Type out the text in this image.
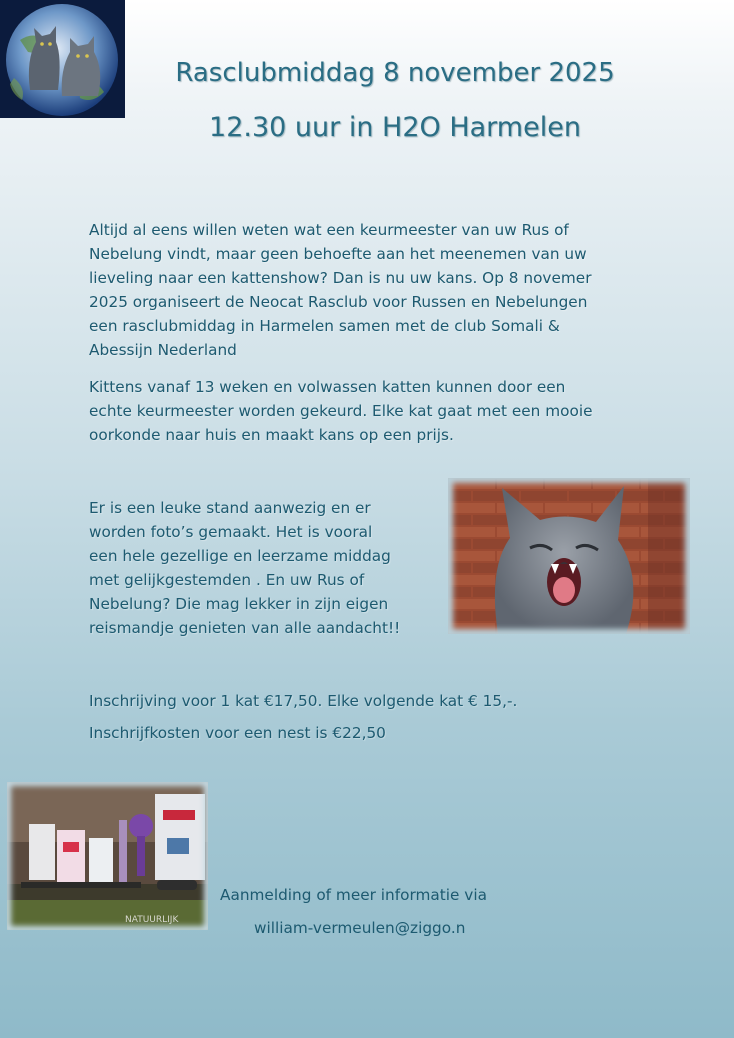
Rasclubmiddag 8 november 2025
12.30 uur in H2O Harmelen
Altijd al eens willen weten wat een keurmeester van uw Rus of
Nebelung vindt, maar geen behoefte aan het meenemen van uw
lieveling naar een kattenshow? Dan is nu uw kans. Op 8 novemer
2025 organiseert de Neocat Rasclub voor Russen en Nebelungen
een rasclubmiddag in Harmelen samen met de club Somali &
Abessijn Nederland
Kittens vanaf 13 weken en volwassen katten kunnen door een
echte keurmeester worden gekeurd. Elke kat gaat met een mooie
oorkonde naar huis en maakt kans op een prijs.
Er is een leuke stand aanwezig en er
worden foto’s gemaakt. Het is vooral
een hele gezellige en leerzame middag
met gelijkgestemden . En uw Rus of
Nebelung? Die mag lekker in zijn eigen
reismandje genieten van alle aandacht!!
Inschrijving voor 1 kat €17,50. Elke volgende kat € 15,-.
Inschrijfkosten voor een nest is €22,50
NATUURLIJK
Aanmelding of meer informatie via
william-vermeulen@ziggo.n
